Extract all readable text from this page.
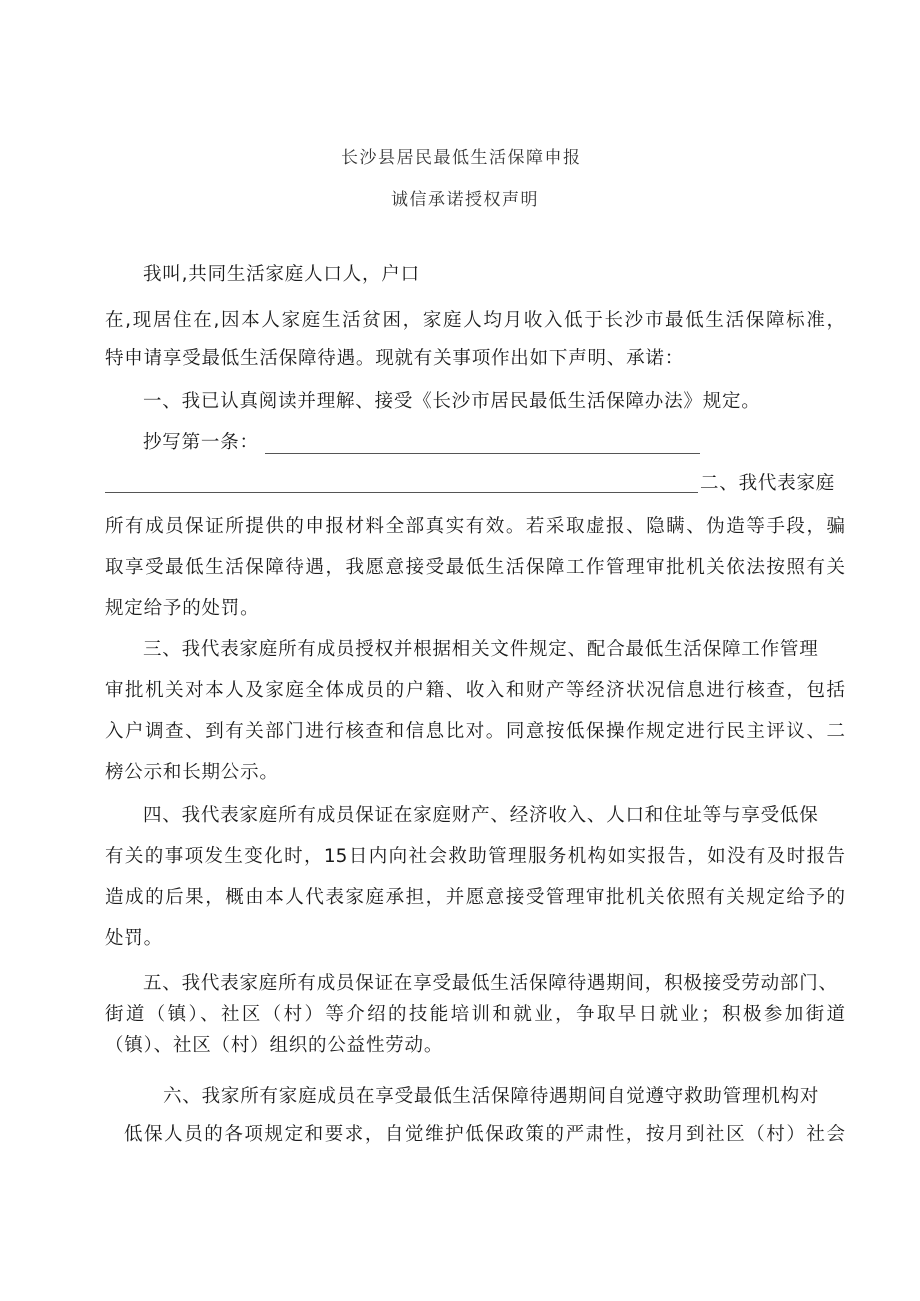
长沙县居民最低生活保障申报
诚信承诺授权声明
我叫,共同生活家庭人口人，户口
在,现居住在,因本人家庭生活贫困，家庭人均月收入低于长沙市最低生活保障标准，
特申请享受最低生活保障待遇。现就有关事项作出如下声明、承诺：
一、我已认真阅读并理解、接受《长沙市居民最低生活保障办法》规定。
抄写第一条：
二、我代表家庭
所有成员保证所提供的申报材料全部真实有效。若采取虚报、隐瞒、伪造等手段，骗
取享受最低生活保障待遇，我愿意接受最低生活保障工作管理审批机关依法按照有关
规定给予的处罚。
三、我代表家庭所有成员授权并根据相关文件规定、配合最低生活保障工作管理
审批机关对本人及家庭全体成员的户籍、收入和财产等经济状况信息进行核查，包括
入户调查、到有关部门进行核查和信息比对。同意按低保操作规定进行民主评议、二
榜公示和长期公示。
四、我代表家庭所有成员保证在家庭财产、经济收入、人口和住址等与享受低保
有关的事项发生变化时，15日内向社会救助管理服务机构如实报告，如没有及时报告
造成的后果，概由本人代表家庭承担，并愿意接受管理审批机关依照有关规定给予的
处罚。
五、我代表家庭所有成员保证在享受最低生活保障待遇期间，积极接受劳动部门、
街道（镇）、社区（村）等介绍的技能培训和就业，争取早日就业；积极参加街道
（镇）、社区（村）组织的公益性劳动。
六、我家所有家庭成员在享受最低生活保障待遇期间自觉遵守救助管理机构对
低保人员的各项规定和要求，自觉维护低保政策的严肃性，按月到社区（村）社会
